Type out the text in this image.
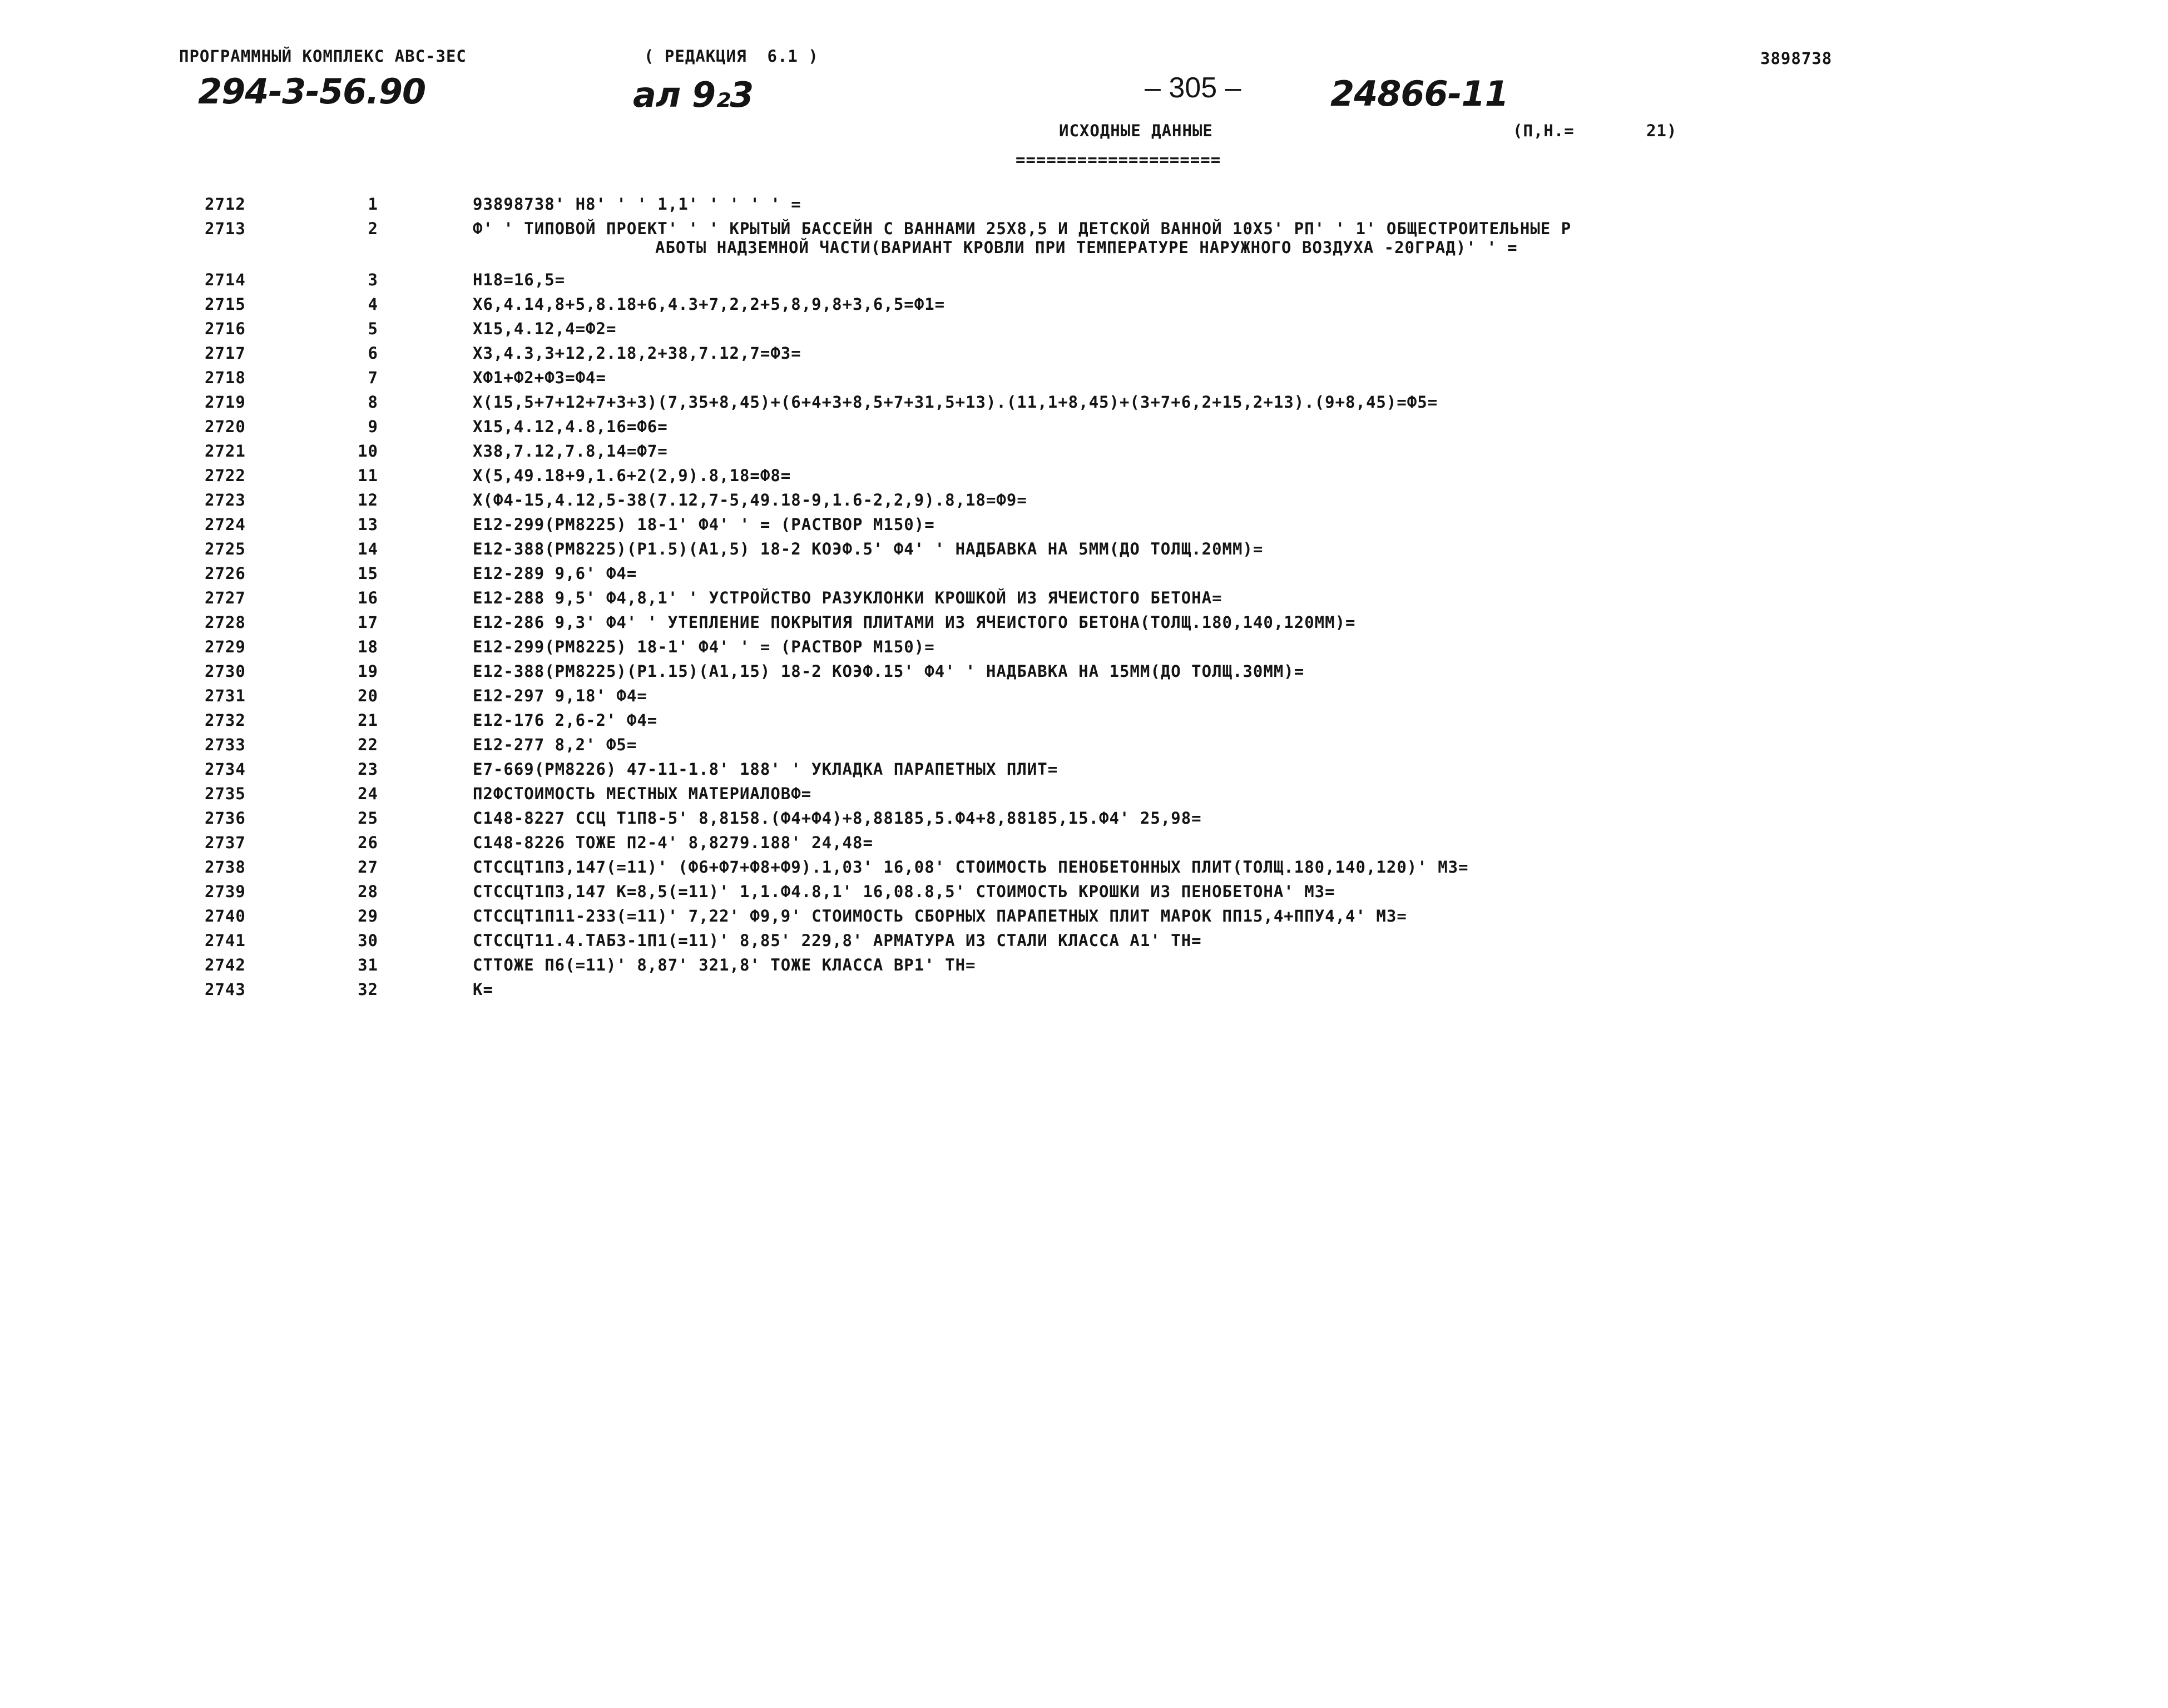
ПРОГРАММНЫЙ КОМПЛЕКС АВС-3ЕС	( РЕДАКЦИЯ  6.1 )	3898738
294-3-56.90	ал 9₂3	– 305 –	24866-11
ИСХОДНЫЕ ДАННЫЕ	(П,Н.=       21)
====================
2712	1	93898738' Н8' ' ' 1,1' ' ' ' ' =
2713	2	Ф' ' ТИПОВОЙ ПРОЕКТ' ' ' КРЫТЫЙ БАССЕЙН С ВАННАМИ 25Х8,5 И ДЕТСКОЙ ВАННОЙ 10Х5' РП' ' 1' ОБЩЕСТРОИТЕЛЬНЫЕ Р
АБОТЫ НАДЗЕМНОЙ ЧАСТИ(ВАРИАНТ КРОВЛИ ПРИ ТЕМПЕРАТУРЕ НАРУЖНОГО ВОЗДУХА -20ГРАД)' ' =
2714	3	Н18=16,5=
2715	4	Х6,4.14,8+5,8.18+6,4.3+7,2,2+5,8,9,8+3,6,5=Ф1=
2716	5	Х15,4.12,4=Ф2=
2717	6	Х3,4.3,3+12,2.18,2+38,7.12,7=Ф3=
2718	7	ХФ1+Ф2+Ф3=Ф4=
2719	8	Х(15,5+7+12+7+3+3)(7,35+8,45)+(6+4+3+8,5+7+31,5+13).(11,1+8,45)+(3+7+6,2+15,2+13).(9+8,45)=Ф5=
2720	9	Х15,4.12,4.8,16=Ф6=
2721	10	Х38,7.12,7.8,14=Ф7=
2722	11	Х(5,49.18+9,1.6+2(2,9).8,18=Ф8=
2723	12	Х(Ф4-15,4.12,5-38(7.12,7-5,49.18-9,1.6-2,2,9).8,18=Ф9=
2724	13	Е12-299(РМ8225) 18-1' Ф4' ' = (РАСТВОР М150)=
2725	14	Е12-388(РМ8225)(Р1.5)(А1,5) 18-2 КОЭФ.5' Ф4' ' НАДБАВКА НА 5ММ(ДО ТОЛЩ.20ММ)=
2726	15	Е12-289 9,6' Ф4=
2727	16	Е12-288 9,5' Ф4,8,1' ' УСТРОЙСТВО РАЗУКЛОНКИ КРОШКОЙ ИЗ ЯЧЕИСТОГО БЕТОНА=
2728	17	Е12-286 9,3' Ф4' ' УТЕПЛЕНИЕ ПОКРЫТИЯ ПЛИТАМИ ИЗ ЯЧЕИСТОГО БЕТОНА(ТОЛЩ.180,140,120ММ)=
2729	18	Е12-299(РМ8225) 18-1' Ф4' ' = (РАСТВОР М150)=
2730	19	Е12-388(РМ8225)(Р1.15)(А1,15) 18-2 КОЭФ.15' Ф4' ' НАДБАВКА НА 15ММ(ДО ТОЛЩ.30ММ)=
2731	20	Е12-297 9,18' Ф4=
2732	21	Е12-176 2,6-2' Ф4=
2733	22	Е12-277 8,2' Ф5=
2734	23	Е7-669(РМ8226) 47-11-1.8' 188' ' УКЛАДКА ПАРАПЕТНЫХ ПЛИТ=
2735	24	П2ФСТОИМОСТЬ МЕСТНЫХ МАТЕРИАЛОВФ=
2736	25	С148-8227 ССЦ Т1П8-5' 8,8158.(Ф4+Ф4)+8,88185,5.Ф4+8,88185,15.Ф4' 25,98=
2737	26	С148-8226 ТОЖЕ П2-4' 8,8279.188' 24,48=
2738	27	СТССЦТ1П3,147(=11)' (Ф6+Ф7+Ф8+Ф9).1,03' 16,08' СТОИМОСТЬ ПЕНОБЕТОННЫХ ПЛИТ(ТОЛЩ.180,140,120)' М3=
2739	28	СТССЦТ1П3,147 К=8,5(=11)' 1,1.Ф4.8,1' 16,08.8,5' СТОИМОСТЬ КРОШКИ ИЗ ПЕНОБЕТОНА' М3=
2740	29	СТССЦТ1П11-233(=11)' 7,22' Ф9,9' СТОИМОСТЬ СБОРНЫХ ПАРАПЕТНЫХ ПЛИТ МАРОК ПП15,4+ППУ4,4' М3=
2741	30	СТССЦТ11.4.ТАБ3-1П1(=11)' 8,85' 229,8' АРМАТУРА ИЗ СТАЛИ КЛАССА А1' ТН=
2742	31	СТТОЖЕ П6(=11)' 8,87' 321,8' ТОЖЕ КЛАССА ВР1' ТН=
2743	32	К=
